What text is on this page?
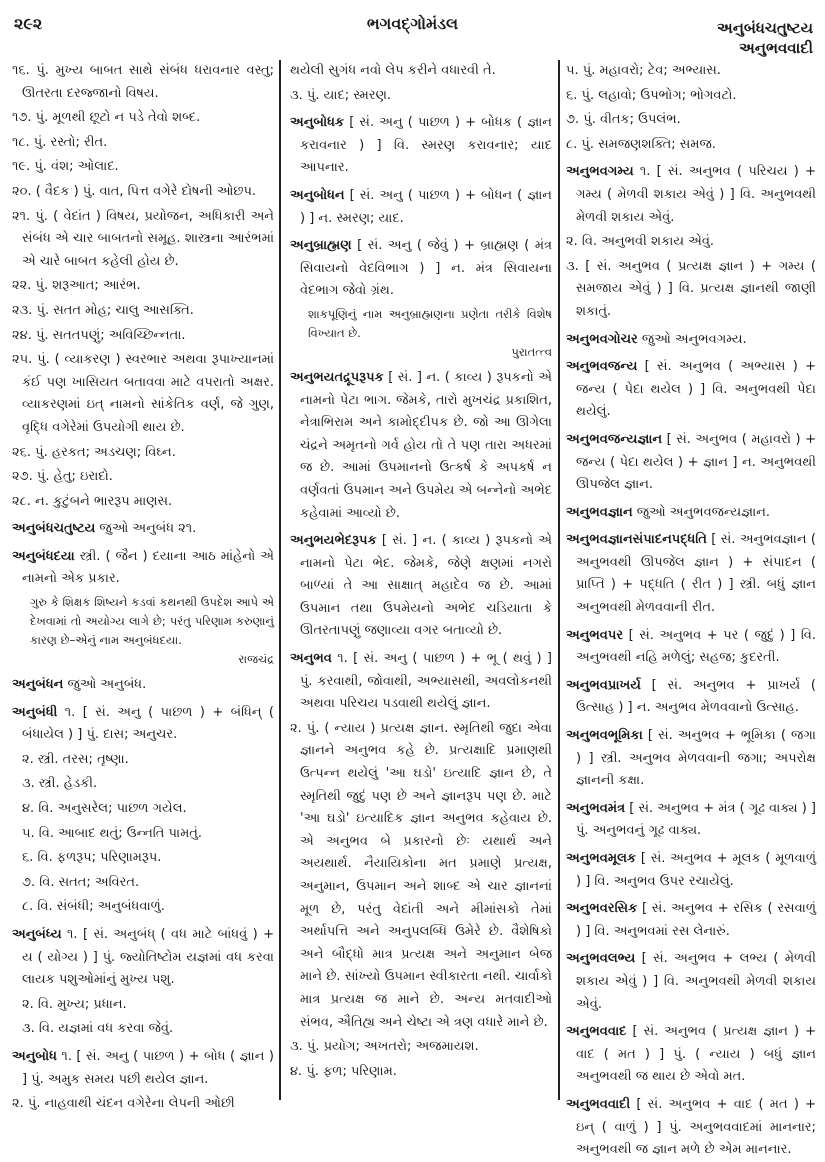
૨૯૨	ભગવદ્ગોમંડલ	અનુબંધચતુષ્ટય
અનુભવવાદી
૧૬. પું. મુખ્ય બાબત સાથે સંબંધ ધરાવનાર વસ્તુ; ઊતરતા દરજ્જાનો વિષય.
૧૭. પું. મૂળથી છૂટો ન પડે તેવો શબ્દ.
૧૮. પું. રસ્તો; રીત.
૧૯. પું. વંશ; ઓલાદ.
૨૦. ( વૈદક ) પું. વાત, પિત્ત વગેરે દોષની ઓછપ.
૨૧. પું. ( વેદાંત ) વિષય, પ્રયોજન, અધિકારી અને સંબંધ એ ચાર બાબતનો સમૂહ. શાસ્ત્રના આરંભમાં એ ચારે બાબત કહેલી હોય છે.
૨૨. પું. શરૂઆત; આરંભ.
૨૩. પું. સતત મોહ; ચાલુ આસક્તિ.
૨૪. પું. સતતપણું; અવિચ્છિન્નતા.
૨૫. પું. ( વ્યાકરણ ) સ્વરભાર અથવા રૂપાખ્યાનમાં કંઈ પણ ખાસિયત બતાવવા માટે વપરાતો અક્ષર. વ્યાકરણમાં ઇત્ નામનો સાંકેતિક વર્ણ, જે ગુણ, વૃદ્ધિ વગેરેમાં ઉપયોગી થાય છે.
૨૬. પું. હરકત; અડચણ; વિઘ્ન.
૨૭. પું. હેતુ; ઇરાદો.
૨૮. ન. કુટુંબને ભારરૂપ માણસ.
અનુબંધચતુષ્ટય જુઓ અનુબંધ ૨૧.
અનુબંધદયા સ્ત્રી. ( જૈન ) દયાના આઠ માંહેનો એ નામનો એક પ્રકાર.
ગુરુ કે શિક્ષક શિષ્યને કડવાં કથનથી ઉપદેશ આપે એ દેખવામાં તો અયોગ્ય લાગે છે; પરંતુ પરિણામ કરુણાનું કારણ છે–એનું નામ અનુબંધદયા.
રાજચંદ્ર
અનુબંધન જુઓ અનુબંધ.
અનુબંધી ૧. [ સં. અનુ ( પાછળ ) + બંધિન્ ( બંધાયેલ ) ] પું. દાસ; અનુચર.
૨. સ્ત્રી. તરસ; તૃષ્ણા.
૩. સ્ત્રી. હેડકી.
૪. વિ. અનુસરેલ; પાછળ ગયેલ.
૫. વિ. આબાદ થતું; ઉન્નતિ પામતું.
૬. વિ. ફળરૂપ; પરિણામરૂપ.
૭. વિ. સતત; અવિરત.
૮. વિ. સંબંધી; અનુબંધવાળું.
અનુબંધ્ય ૧. [ સં. અનુબંધ્ ( વધ માટે બાંધવું ) + ય ( યોગ્ય ) ] પું. જ્યોતિષ્ટોમ યજ્ઞમાં વધ કરવા લાયક પશુઓમાંનું મુખ્ય પશુ.
૨. વિ. મુખ્ય; પ્રધાન.
૩. વિ. યજ્ઞમાં વધ કરવા જેવું.
અનુબોધ ૧. [ સં. અનુ ( પાછળ ) + બોધ ( જ્ઞાન ) ] પું. અમુક સમય પછી થયેલ જ્ઞાન.
૨. પું. નાહવાથી ચંદન વગેરેના લેપની ઓછી
થયેલી સુગંધ નવો લેપ કરીને વધારવી તે.
૩. પું. યાદ; સ્મરણ.
અનુબોધક [ સં. અનુ ( પાછળ ) + બોધક ( જ્ઞાન કરાવનાર ) ] વિ. સ્મરણ કરાવનાર; યાદ આપનાર.
અનુબોધન [ સં. અનુ ( પાછળ ) + બોધન ( જ્ઞાન ) ] ન. સ્મરણ; યાદ.
અનુબ્રાહ્મણ [ સં. અનુ ( જેવું ) + બ્રાહ્મણ ( મંત્ર સિવાયનો વેદવિભાગ ) ] ન. મંત્ર સિવાયના વેદભાગ જેવો ગ્રંથ.
શાકપૂણિનું નામ અનુબ્રાહ્મણના પ્રણેતા તરીકે વિશેષ વિખ્યાત છે.
પુરાતત્ત્વ
અનુભયતદ્રૂપરૂપક [ સં. ] ન. ( કાવ્ય ) રૂપકનો એ નામનો પેટા ભાગ. જેમકે, તારો મુખચંદ્ર પ્રકાશિત, નેત્રાભિરામ અને કામોદ્દીપક છે. જો આ ઊગેલા ચંદ્રને અમૃતનો ગર્વ હોય તો તે પણ તારા અધરમાં જ છે. આમાં ઉપમાનનો ઉત્કર્ષ કે અપકર્ષ ન વર્ણવતાં ઉપમાન અને ઉપમેય એ બન્નેનો અભેદ કહેવામાં આવ્યો છે.
અનુભયભેદરૂપક [ સં. ] ન. ( કાવ્ય ) રૂપકનો એ નામનો પેટા ભેદ. જેમકે, જેણે ક્ષણમાં નગરો બાળ્યાં તે આ સાક્ષાત્ મહાદેવ જ છે. આમાં ઉપમાન તથા ઉપમેયનો અભેદ ચડિયાતા કે ઊતરતાપણું જણાવ્યા વગર બતાવ્યો છે.
અનુભવ ૧. [ સં. અનુ ( પાછળ ) + ભૂ ( થવું ) ] પું. કરવાથી, જોવાથી, અભ્યાસથી, અવલોકનથી અથવા પરિચય પડવાથી થયેલું જ્ઞાન.
૨. પું. ( ન્યાય ) પ્રત્યક્ષ જ્ઞાન. સ્મૃતિથી જુદા એવા જ્ઞાનને અનુભવ કહે છે. પ્રત્યક્ષાદિ પ્રમાણથી ઉત્પન્ન થયેલું 'આ ઘડો' ઇત્યાદિ જ્ઞાન છે, તે સ્મૃતિથી જુદું પણ છે અને જ્ઞાનરૂપ પણ છે. માટે 'આ ઘડો' ઇત્યાદિક જ્ઞાન અનુભવ કહેવાય છે. એ અનુભવ બે પ્રકારનો છેઃ યથાર્થ અને અયથાર્થ. નૈયાયિકોના મત પ્રમાણે પ્રત્યક્ષ, અનુમાન, ઉપમાન અને શાબ્દ એ ચાર જ્ઞાનનાં મૂળ છે, પરંતુ વેદાંતી અને મીમાંસકો તેમાં અર્થાપત્તિ અને અનુપલબ્ધિ ઉમેરે છે. વૈશેષિકો અને બૌદ્ધો માત્ર પ્રત્યક્ષ અને અનુમાન બેજ માને છે. સાંખ્યો ઉપમાન સ્વીકારતા નથી. ચાર્વાકો માત્ર પ્રત્યક્ષ જ માને છે. અન્ય મતવાદીઓ સંભવ, ઐતિહ્ય અને ચેષ્ટા એ ત્રણ વધારે માને છે.
૩. પું. પ્રયોગ; અખતરો; અજમાયશ.
૪. પું. ફળ; પરિણામ.
૫. પું. મહાવરો; ટેવ; અભ્યાસ.
૬. પું. લહાવો; ઉપભોગ; ભોગવટો.
૭. પું. વીતક; ઉપલંભ.
૮. પું. સમજણશક્તિ; સમજ.
અનુભવગમ્ય ૧. [ સં. અનુભવ ( પરિચય ) + ગમ્ય ( મેળવી શકાય એવું ) ] વિ. અનુભવથી મેળવી શકાય એવું.
૨. વિ. અનુભવી શકાય એવું.
૩. [ સં. અનુભવ ( પ્રત્યક્ષ જ્ઞાન ) + ગમ્ય ( સમજાય એવું ) ] વિ. પ્રત્યક્ષ જ્ઞાનથી જાણી શકાતું.
અનુભવગોચર જુઓ અનુભવગમ્ય.
અનુભવજન્ય [ સં. અનુભવ ( અભ્યાસ ) + જન્ય ( પેદા થયેલ ) ] વિ. અનુભવથી પેદા થયેલું.
અનુભવજન્યજ્ઞાન [ સં. અનુભવ ( મહાવરો ) + જન્ય ( પેદા થયેલ ) + જ્ઞાન ] ન. અનુભવથી ઊપજેલ જ્ઞાન.
અનુભવજ્ઞાન જુઓ અનુભવજન્યજ્ઞાન.
અનુભવજ્ઞાનસંપાદનપદ્ધતિ [ સં. અનુભવજ્ઞાન ( અનુભવથી ઊપજેલ જ્ઞાન ) + સંપાદન ( પ્રાપ્તિ ) + પદ્ધતિ ( રીત ) ] સ્ત્રી. બધું જ્ઞાન અનુભવથી મેળવવાની રીત.
અનુભવપર [ સં. અનુભવ + પર ( જુદું ) ] વિ. અનુભવથી નહિ મળેલું; સહજ; કુદરતી.
અનુભવપ્રાખર્ય [ સં. અનુભવ + પ્રાખર્ય ( ઉત્સાહ ) ] ન. અનુભવ મેળવવાનો ઉત્સાહ.
અનુભવભૂમિકા [ સં. અનુભવ + ભૂમિકા ( જગા ) ] સ્ત્રી. અનુભવ મેળવવાની જગા; અપરોક્ષ જ્ઞાનની કક્ષા.
અનુભવમંત્ર [ સં. અનુભવ + મંત્ર ( ગૂઢ વાક્ય ) ] પું. અનુભવનું ગૂઢ વાક્ય.
અનુભવમૂલક [ સં. અનુભવ + મૂલક ( મૂળવાળું ) ] વિ. અનુભવ ઉપર રચાયેલું.
અનુભવરસિક [ સં. અનુભવ + રસિક ( રસવાળું ) ] વિ. અનુભવમાં રસ લેનારું.
અનુભવલભ્ય [ સં. અનુભવ + લભ્ય ( મેળવી શકાય એવું ) ] વિ. અનુભવથી મેળવી શકાય એવું.
અનુભવવાદ [ સં. અનુભવ ( પ્રત્યક્ષ જ્ઞાન ) + વાદ ( મત ) ] પું. ( ન્યાય ) બધું જ્ઞાન અનુભવથી જ થાય છે એવો મત.
અનુભવવાદી [ સં. અનુભવ + વાદ ( મત ) + ઇન્ ( વાળું ) ] પું. અનુભવવાદમાં માનનાર; અનુભવથી જ જ્ઞાન મળે છે એમ માનનાર.
